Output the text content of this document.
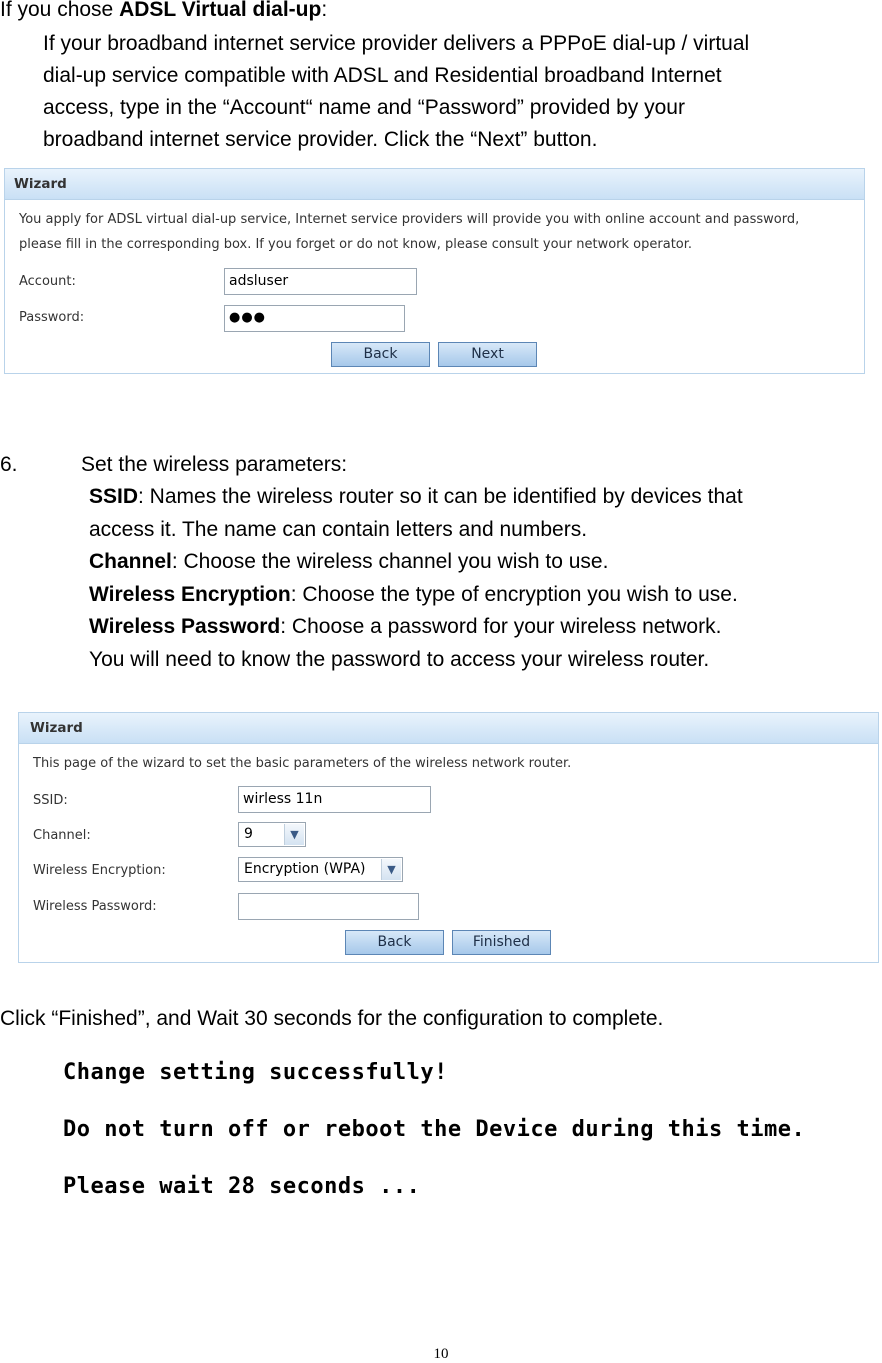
If you chose ADSL Virtual dial-up:
If your broadband internet service provider delivers a PPPoE dial-up / virtual
dial-up service compatible with ADSL and Residential broadband Internet
access, type in the “Account“ name and “Password” provided by your
broadband internet service provider. Click the “Next” button.
Wizard
You apply for ADSL virtual dial-up service, Internet service providers will provide you with online account and password,
please fill in the corresponding box. If you forget or do not know, please consult your network operator.
Account:	adsluser
Password:	●●●
Back	Next
6.	Set the wireless parameters:
SSID: Names the wireless router so it can be identified by devices that
access it. The name can contain letters and numbers.
Channel: Choose the wireless channel you wish to use.
Wireless Encryption: Choose the type of encryption you wish to use.
Wireless Password: Choose a password for your wireless network.
You will need to know the password to access your wireless router.
Wizard
This page of the wizard to set the basic parameters of the wireless network router.
SSID:	wirless 11n
Channel:	9	▼
Wireless Encryption:	Encryption (WPA)	▼
Wireless Password:
Back	Finished
Click “Finished”, and Wait 30 seconds for the configuration to complete.
Change setting successfully!
Do not turn off or reboot the Device during this time.
Please wait 28 seconds ...
10
